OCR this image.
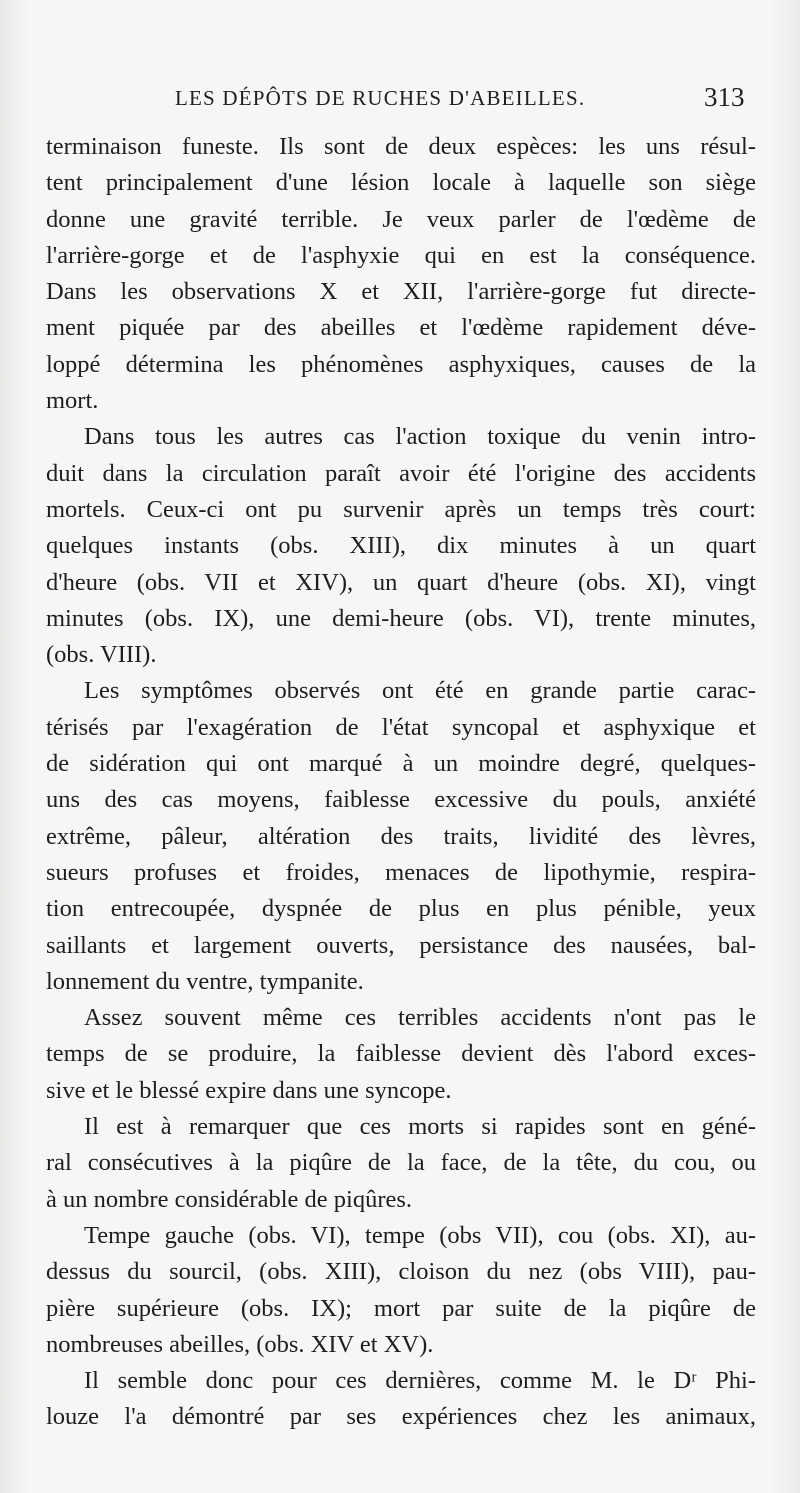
LES DÉPÔTS DE RUCHES D'ABEILLES.	313
terminaison funeste. Ils sont de deux espèces: les uns résul-
tent principalement d'une lésion locale à laquelle son siège
donne une gravité terrible. Je veux parler de l'œdème de
l'arrière-gorge et de l'asphyxie qui en est la conséquence.
Dans les observations X et XII, l'arrière-gorge fut directe-
ment piquée par des abeilles et l'œdème rapidement déve-
loppé détermina les phénomènes asphyxiques, causes de la
mort.
Dans tous les autres cas l'action toxique du venin intro-
duit dans la circulation paraît avoir été l'origine des accidents
mortels. Ceux-ci ont pu survenir après un temps très court:
quelques instants (obs. XIII), dix minutes à un quart
d'heure (obs. VII et XIV), un quart d'heure (obs. XI), vingt
minutes (obs. IX), une demi-heure (obs. VI), trente minutes,
(obs. VIII).
Les symptômes observés ont été en grande partie carac-
térisés par l'exagération de l'état syncopal et asphyxique et
de sidération qui ont marqué à un moindre degré, quelques-
uns des cas moyens, faiblesse excessive du pouls, anxiété
extrême, pâleur, altération des traits, lividité des lèvres,
sueurs profuses et froides, menaces de lipothymie, respira-
tion entrecoupée, dyspnée de plus en plus pénible, yeux
saillants et largement ouverts, persistance des nausées, bal-
lonnement du ventre, tympanite.
Assez souvent même ces terribles accidents n'ont pas le
temps de se produire, la faiblesse devient dès l'abord exces-
sive et le blessé expire dans une syncope.
Il est à remarquer que ces morts si rapides sont en géné-
ral consécutives à la piqûre de la face, de la tête, du cou, ou
à un nombre considérable de piqûres.
Tempe gauche (obs. VI), tempe (obs VII), cou (obs. XI), au-
dessus du sourcil, (obs. XIII), cloison du nez (obs VIII), pau-
pière supérieure (obs. IX); mort par suite de la piqûre de
nombreuses abeilles, (obs. XIV et XV).
Il semble donc pour ces dernières, comme M. le Dʳ Phi-
louze l'a démontré par ses expériences chez les animaux,
